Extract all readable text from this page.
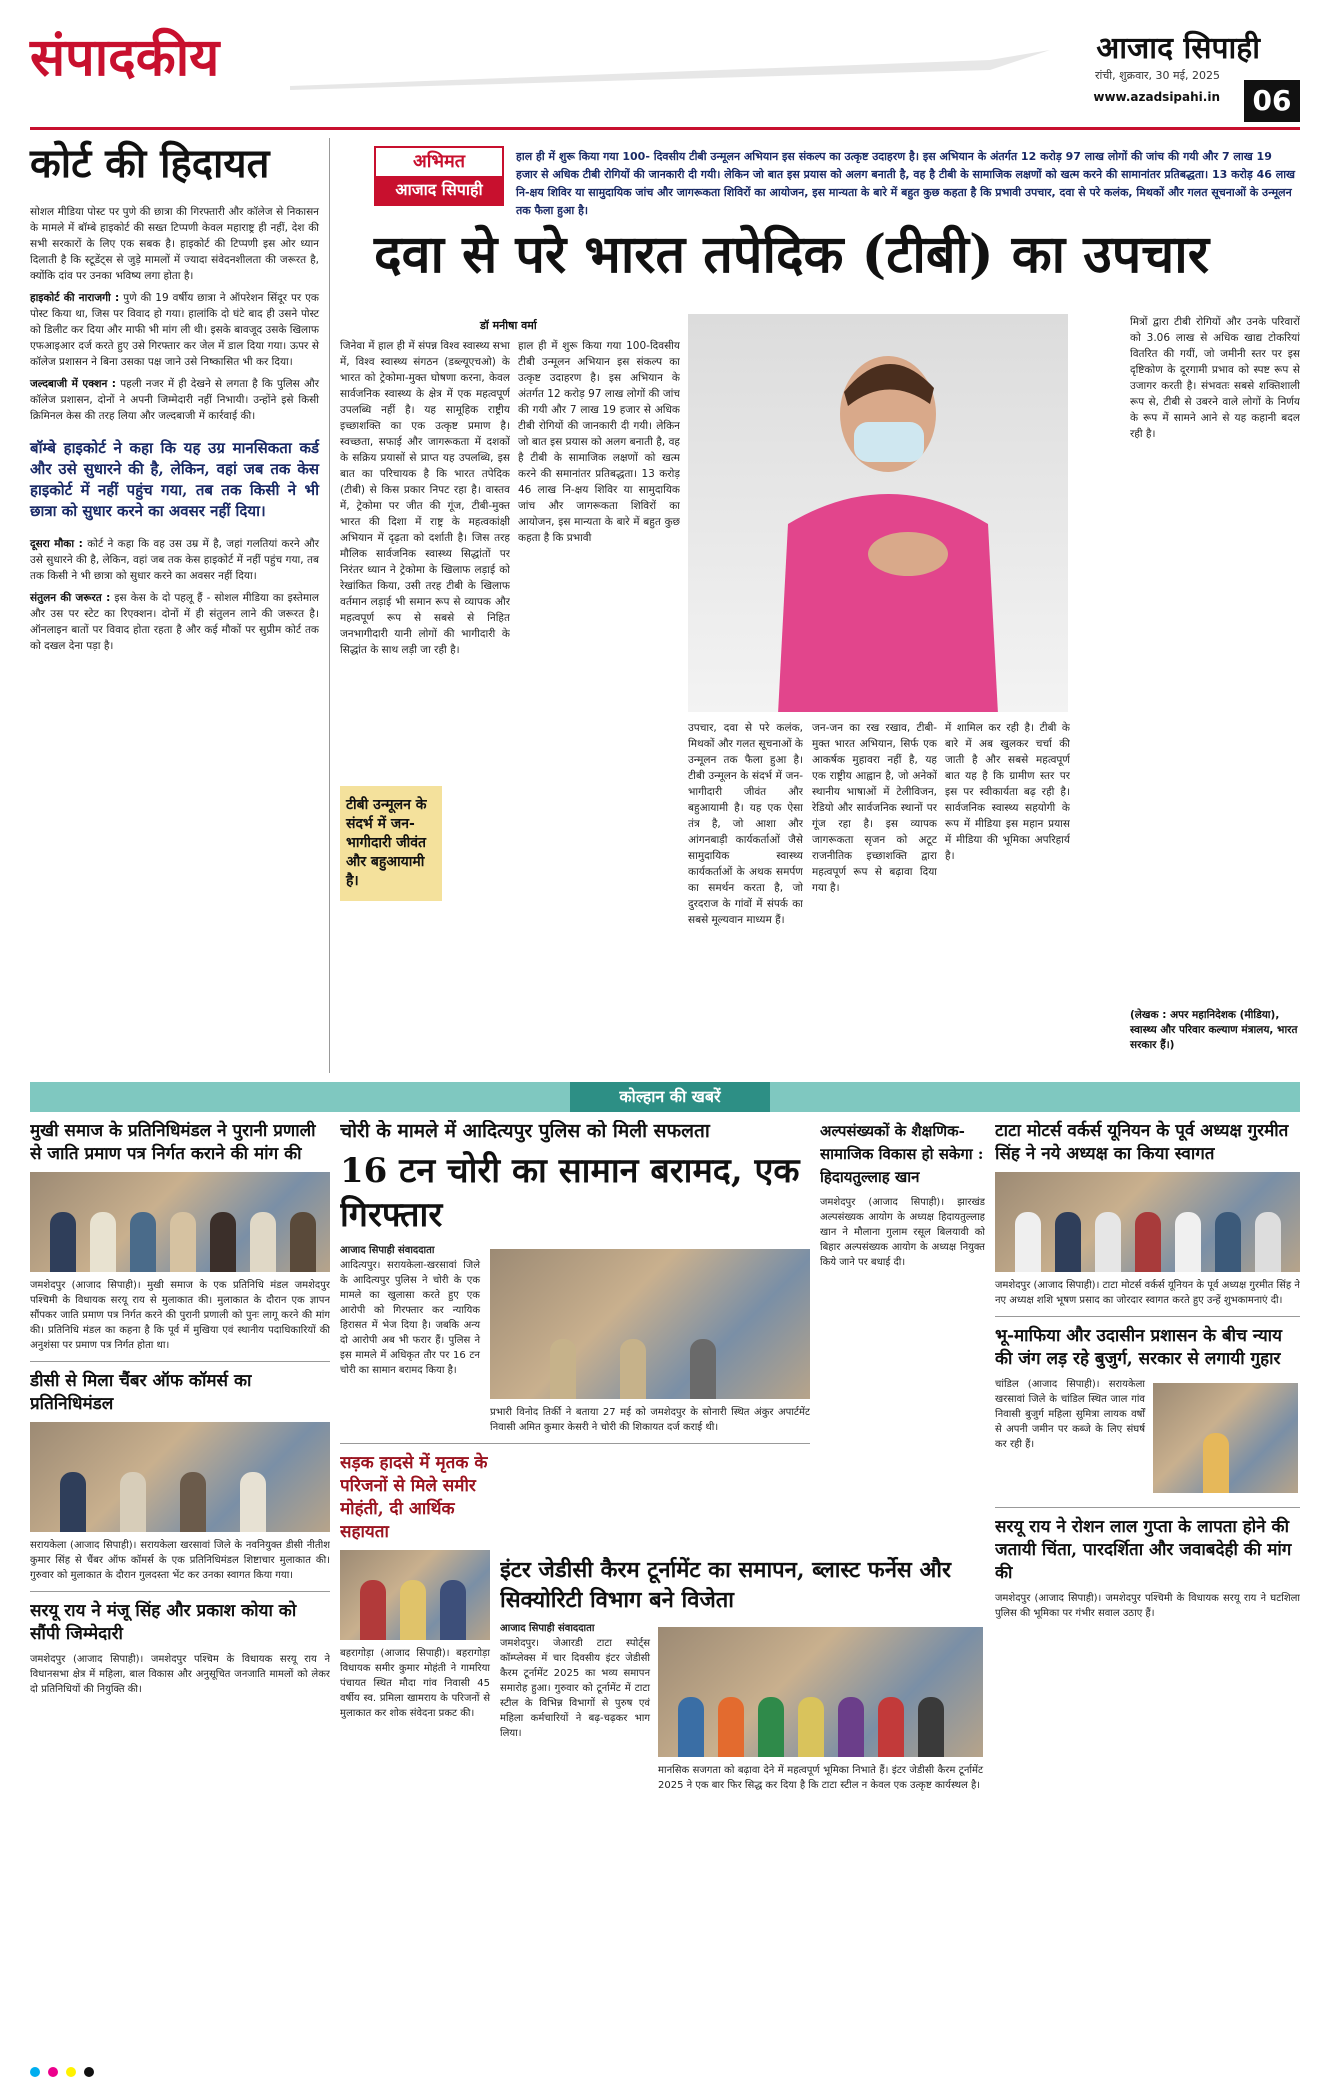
संपादकीय	आजाद सिपाही
रांची, शुक्रवार, 30 मई, 2025
www.azadsipahi.in	06
कोर्ट की हिदायत

सोशल मीडिया पोस्ट पर पुणे की छात्रा की गिरफ्तारी और कॉलेज से निकासन के मामले में बॉम्बे हाइकोर्ट की सख्त टिप्पणी केवल महाराष्ट्र ही नहीं, देश की सभी सरकारों के लिए एक सबक है। हाइकोर्ट की टिप्पणी इस ओर ध्यान दिलाती है कि स्टूडेंट्स से जुड़े मामलों में ज्यादा संवेदनशीलता की जरूरत है, क्योंकि दांव पर उनका भविष्य लगा होता है।

हाइकोर्ट की नाराजगी : पुणे की 19 वर्षीय छात्रा ने ऑपरेशन सिंदूर पर एक पोस्ट किया था, जिस पर विवाद हो गया। हालांकि दो घंटे बाद ही उसने पोस्ट को डिलीट कर दिया और माफी भी मांग ली थी। इसके बावजूद उसके खिलाफ एफआइआर दर्ज करते हुए उसे गिरफ्तार कर जेल में डाल दिया गया। ऊपर से कॉलेज प्रशासन ने बिना उसका पक्ष जाने उसे निष्कासित भी कर दिया।

जल्दबाजी में एक्शन : पहली नजर में ही देखने से लगता है कि पुलिस और कॉलेज प्रशासन, दोनों ने अपनी जिम्मेदारी नहीं निभायी। उन्होंने इसे किसी क्रिमिनल केस की तरह लिया और जल्दबाजी में कार्रवाई की।

बॉम्बे हाइकोर्ट ने कहा कि यह उग्र मानसिकता कर्ड और उसे सुधारने की है, लेकिन, वहां जब तक केस हाइकोर्ट में नहीं पहुंच गया, तब तक किसी ने भी छात्रा को सुधार करने का अवसर नहीं दिया।

दूसरा मौका : कोर्ट ने कहा कि वह उस उम्र में है, जहां गलतियां करने और उसे सुधारने की है, लेकिन, वहां जब तक केस हाइकोर्ट में नहीं पहुंच गया, तब तक किसी ने भी छात्रा को सुधार करने का अवसर नहीं दिया।

संतुलन की जरूरत : इस केस के दो पहलू हैं - सोशल मीडिया का इस्तेमाल और उस पर स्टेट का रिएक्शन। दोनों में ही संतुलन लाने की जरूरत है। ऑनलाइन बातों पर विवाद होता रहता है और कई मौकों पर सुप्रीम कोर्ट तक को दखल देना पड़ा है।

अभिमत
आजाद सिपाही
हाल ही में शुरू किया गया 100- दिवसीय टीबी उन्मूलन अभियान इस संकल्प का उत्कृष्ट उदाहरण है। इस अभियान के अंतर्गत 12 करोड़ 97 लाख लोगों की जांच की गयी और 7 लाख 19 हजार से अधिक टीबी रोगियों की जानकारी दी गयी। लेकिन जो बात इस प्रयास को अलग बनाती है, वह है टीबी के सामाजिक लक्षणों को खत्म करने की सामानांतर प्रतिबद्धता। 13 करोड़ 46 लाख नि-क्षय शिविर या सामुदायिक जांच और जागरूकता शिविरों का आयोजन, इस मान्यता के बारे में बहुत कुछ कहता है कि प्रभावी उपचार, दवा से परे कलंक, मिथकों और गलत सूचनाओं के उन्मूलन तक फैला हुआ है।
दवा से परे भारत तपेदिक (टीबी) का उपचार
डॉ मनीषा वर्मा
जिनेवा में हाल ही में संपन्न विश्व स्वास्थ्य सभा में, विश्व स्वास्थ्य संगठन (डब्ल्यूएचओ) के भारत को ट्रेकोमा-मुक्त घोषणा करना, केवल सार्वजनिक स्वास्थ्य के क्षेत्र में एक महत्वपूर्ण उपलब्धि नहीं है। यह सामूहिक राष्ट्रीय इच्छाशक्ति का एक उत्कृष्ट प्रमाण है। स्वच्छता, सफाई और जागरूकता में दशकों के सक्रिय प्रयासों से प्राप्त यह उपलब्धि, इस बात का परिचायक है कि भारत तपेदिक (टीबी) से किस प्रकार निपट रहा है। वास्तव में, ट्रेकोमा पर जीत की गूंज, टीबी-मुक्त भारत की दिशा में राष्ट्र के महत्वकांक्षी अभियान में दृढ़ता को दर्शाती है। जिस तरह मौलिक सार्वजनिक स्वास्थ्य सिद्धांतों पर निरंतर ध्यान ने ट्रेकोमा के खिलाफ लड़ाई को रेखांकित किया, उसी तरह टीबी के खिलाफ वर्तमान लड़ाई भी समान रूप से व्यापक और महत्वपूर्ण रूप से सबसे से निहित जनभागीदारी यानी लोगों की भागीदारी के सिद्धांत के साथ लड़ी जा रही है।
हाल ही में शुरू किया गया 100-दिवसीय टीबी उन्मूलन अभियान इस संकल्प का उत्कृष्ट उदाहरण है। इस अभियान के अंतर्गत 12 करोड़ 97 लाख लोगों की जांच की गयी और 7 लाख 19 हजार से अधिक टीबी रोगियों की जानकारी दी गयी। लेकिन जो बात इस प्रयास को अलग बनाती है, वह है टीबी के सामाजिक लक्षणों को खत्म करने की समानांतर प्रतिबद्धता। 13 करोड़ 46 लाख नि-क्षय शिविर या सामुदायिक जांच और जागरूकता शिविरों का आयोजन, इस मान्यता के बारे में बहुत कुछ कहता है कि प्रभावी
उपचार, दवा से परे कलंक, मिथकों और गलत सूचनाओं के उन्मूलन तक फैला हुआ है। टीबी उन्मूलन के संदर्भ में जन-भागीदारी जीवंत और बहुआयामी है। यह एक ऐसा तंत्र है, जो आशा और आंगनबाड़ी कार्यकर्ताओं जैसे सामुदायिक स्वास्थ्य कार्यकर्ताओं के अथक समर्पण का समर्थन करता है, जो दुरदराज के गांवों में संपर्क का सबसे मूल्यवान माध्यम हैं।
जन-जन का रख रखाव, टीबी-मुक्त भारत अभियान, सिर्फ एक आकर्षक मुहावरा नहीं है, यह एक राष्ट्रीय आह्वान है, जो अनेकों स्थानीय भाषाओं में टेलीविजन, रेडियो और सार्वजनिक स्थानों पर गूंज रहा है। इस व्यापक जागरूकता सृजन को अटूट राजनीतिक इच्छाशक्ति द्वारा महत्वपूर्ण रूप से बढ़ावा दिया गया है।
में शामिल कर रही है। टीबी के बारे में अब खुलकर चर्चा की जाती है और सबसे महत्वपूर्ण बात यह है कि ग्रामीण स्तर पर इस पर स्वीकार्यता बढ़ रही है। सार्वजनिक स्वास्थ्य सहयोगी के रूप में मीडिया इस महान प्रयास में मीडिया की भूमिका अपरिहार्य है।
मित्रों द्वारा टीबी रोगियों और उनके परिवारों को 3.06 लाख से अधिक खाद्य टोकरियां वितरित की गयीं, जो जमीनी स्तर पर इस दृष्टिकोण के दूरगामी प्रभाव को स्पष्ट रूप से उजागर करती है। संभवतः सबसे शक्तिशाली रूप से, टीबी से उबरने वाले लोगों के निर्णय के रूप में सामने आने से यह कहानी बदल रही है।
टीबी उन्मूलन के संदर्भ में जन-भागीदारी जीवंत और बहुआयामी है।
(लेखक : अपर महानिदेशक (मीडिया), स्वास्थ्य और परिवार कल्याण मंत्रालय, भारत सरकार हैं।)
कोल्हान की खबरें
मुखी समाज के प्रतिनिधिमंडल ने पुरानी प्रणाली से जाति प्रमाण पत्र निर्गत कराने की मांग की
जमशेदपुर (आजाद सिपाही)। मुखी समाज के एक प्रतिनिधि मंडल जमशेदपुर पश्चिमी के विधायक सरयू राय से मुलाकात की। मुलाकात के दौरान एक ज्ञापन सौंपकर जाति प्रमाण पत्र निर्गत करने की पुरानी प्रणाली को पुनः लागू करने की मांग की। प्रतिनिधि मंडल का कहना है कि पूर्व में मुखिया एवं स्थानीय पदाधिकारियों की अनुशंसा पर प्रमाण पत्र निर्गत होता था।
डीसी से मिला चैंबर ऑफ कॉमर्स का प्रतिनिधिमंडल
सरायकेला (आजाद सिपाही)। सरायकेला खरसावां जिले के नवनियुक्त डीसी नीतीश कुमार सिंह से चैंबर ऑफ कॉमर्स के एक प्रतिनिधिमंडल शिष्टाचार मुलाकात की। गुरुवार को मुलाकात के दौरान गुलदस्ता भेंट कर उनका स्वागत किया गया।
सरयू राय ने मंजू सिंह और प्रकाश कोया को सौंपी जिम्मेदारी
जमशेदपुर (आजाद सिपाही)। जमशेदपुर पश्चिम के विधायक सरयू राय ने विधानसभा क्षेत्र में महिला, बाल विकास और अनुसूचित जनजाति मामलों को लेकर दो प्रतिनिधियों की नियुक्ति की।
चोरी के मामले में आदित्यपुर पुलिस को मिली सफलता
16 टन चोरी का सामान बरामद, एक गिरफ्तार
आजाद सिपाही संवाददाता
आदित्यपुर। सरायकेला-खरसावां जिले के आदित्यपुर पुलिस ने चोरी के एक मामले का खुलासा करते हुए एक आरोपी को गिरफ्तार कर न्यायिक हिरासत में भेज दिया है। जबकि अन्य दो आरोपी अब भी फरार हैं। पुलिस ने इस मामले में अधिकृत तौर पर 16 टन चोरी का सामान बरामद किया है।
प्रभारी विनोद तिर्की ने बताया 27 मई को जमशेदपुर के सोनारी स्थित अंकुर अपार्टमेंट निवासी अमित कुमार केसरी ने चोरी की शिकायत दर्ज कराई थी।
सड़क हादसे में मृतक के परिजनों से मिले समीर मोहंती, दी आर्थिक सहायता
बहरागोड़ा (आजाद सिपाही)। बहरागोड़ा विधायक समीर कुमार मोहंती ने गामरिया पंचायत स्थित मौदा गांव निवासी 45 वर्षीय स्व. प्रमिला खामराय के परिजनों से मुलाकात कर शोक संवेदना प्रकट की।
अल्पसंख्यकों के शैक्षणिक-सामाजिक विकास हो सकेगा : हिदायतुल्लाह खान
जमशेदपुर (आजाद सिपाही)। झारखंड अल्पसंख्यक आयोग के अध्यक्ष हिदायतुल्लाह खान ने मौलाना गुलाम रसूल बिलयावी को बिहार अल्पसंख्यक आयोग के अध्यक्ष नियुक्त किये जाने पर बधाई दी।
इंटर जेडीसी कैरम टूर्नामेंट का समापन, ब्लास्ट फर्नेस और सिक्योरिटी विभाग बने विजेता
आजाद सिपाही संवाददाता
जमशेदपुर। जेआरडी टाटा स्पोर्ट्स कॉम्प्लेक्स में चार दिवसीय इंटर जेडीसी कैरम टूर्नामेंट 2025 का भव्य समापन समारोह हुआ। गुरुवार को टूर्नामेंट में टाटा स्टील के विभिन्न विभागों से पुरुष एवं महिला कर्मचारियों ने बढ़-चढ़कर भाग लिया।
मानसिक सजगता को बढ़ावा देने में महत्वपूर्ण भूमिका निभाते हैं। इंटर जेडीसी कैरम टूर्नामेंट 2025 ने एक बार फिर सिद्ध कर दिया है कि टाटा स्टील न केवल एक उत्कृष्ट कार्यस्थल है।
टाटा मोटर्स वर्कर्स यूनियन के पूर्व अध्यक्ष गुरमीत सिंह ने नये अध्यक्ष का किया स्वागत
जमशेदपुर (आजाद सिपाही)। टाटा मोटर्स वर्कर्स यूनियन के पूर्व अध्यक्ष गुरमीत सिंह ने नए अध्यक्ष शशि भूषण प्रसाद का जोरदार स्वागत करते हुए उन्हें शुभकामनाएं दी।
भू-माफिया और उदासीन प्रशासन के बीच न्याय की जंग लड़ रहे बुजुर्ग, सरकार से लगायी गुहार
चांडिल (आजाद सिपाही)। सरायकेला खरसावां जिले के चांडिल स्थित जाल गांव निवासी बुजुर्ग महिला सुमित्रा लायक वर्षों से अपनी जमीन पर कब्जे के लिए संघर्ष कर रही हैं।
सरयू राय ने रोशन लाल गुप्ता के लापता होने की जतायी चिंता, पारदर्शिता और जवाबदेही की मांग की
जमशेदपुर (आजाद सिपाही)। जमशेदपुर पश्चिमी के विधायक सरयू राय ने घटशिला पुलिस की भूमिका पर गंभीर सवाल उठाए हैं।
